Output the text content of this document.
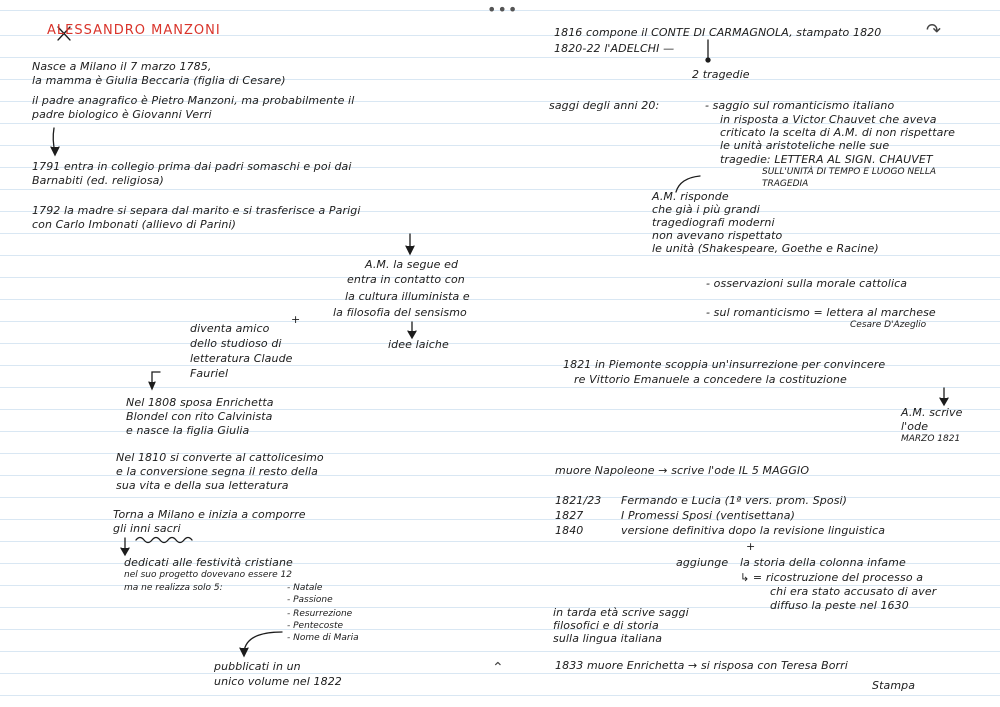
•••
↷
⌃

ALESSANDRO MANZONI

Nasce a Milano il 7 marzo 1785,

la mamma è Giulia Beccaria (figlia di Cesare)

il padre anagrafico è Pietro Manzoni, ma probabilmente il

padre biologico è Giovanni Verri

1791 entra in collegio prima dai padri somaschi e poi dai

Barnabiti (ed. religiosa)

1792 la madre si separa dal marito e si trasferisce a Parigi

con Carlo Imbonati (allievo di Parini)

A.M. la segue ed

entra in contatto con

la cultura illuminista e

la filosofia del sensismo

idee laiche

+

diventa amico

dello studioso di

letteratura Claude

Fauriel

Nel 1808 sposa Enrichetta

Blondel con rito Calvinista

e nasce la figlia Giulia

Nel 1810 si converte al cattolicesimo

e la conversione segna il resto della

sua vita e della sua letteratura

Torna a Milano e inizia a comporre

gli inni sacri

dedicati alle festività cristiane

nel suo progetto dovevano essere 12

ma ne realizza solo 5:	- Natale

- Passione

- Resurrezione

- Pentecoste

- Nome di Maria

pubblicati in un

unico volume nel 1822

1816 compone il CONTE DI CARMAGNOLA, stampato 1820

1820-22 l'ADELCHI —

2 tragedie

saggi degli anni 20:	- saggio sul romanticismo italiano

in risposta a Victor Chauvet che aveva

criticato la scelta di A.M. di non rispettare

le unità aristoteliche nelle sue

tragedie: LETTERA AL SIGN. CHAUVET

SULL'UNITÀ DI TEMPO E LUOGO NELLA

TRAGEDIA

A.M. risponde

che già i più grandi

tragediografi moderni

non avevano rispettato

le unità (Shakespeare, Goethe e Racine)

- osservazioni sulla morale cattolica

- sul romanticismo = lettera al marchese

Cesare D'Azeglio

1821 in Piemonte scoppia un'insurrezione per convincere

re Vittorio Emanuele a concedere la costituzione

A.M. scrive

l'ode

MARZO 1821

muore Napoleone → scrive l'ode IL 5 MAGGIO

1821/23 Fermando e Lucia (1ª vers. prom. Sposi)

1827	I Promessi Sposi (ventisettana)

1840	versione definitiva dopo la revisione linguistica

+

aggiunge la storia della colonna infame

↳ = ricostruzione del processo a

chi era stato accusato di aver

diffuso la peste nel 1630

in tarda età scrive saggi

filosofici e di storia

sulla lingua italiana

1833 muore Enrichetta → si risposa con Teresa Borri

Stampa
